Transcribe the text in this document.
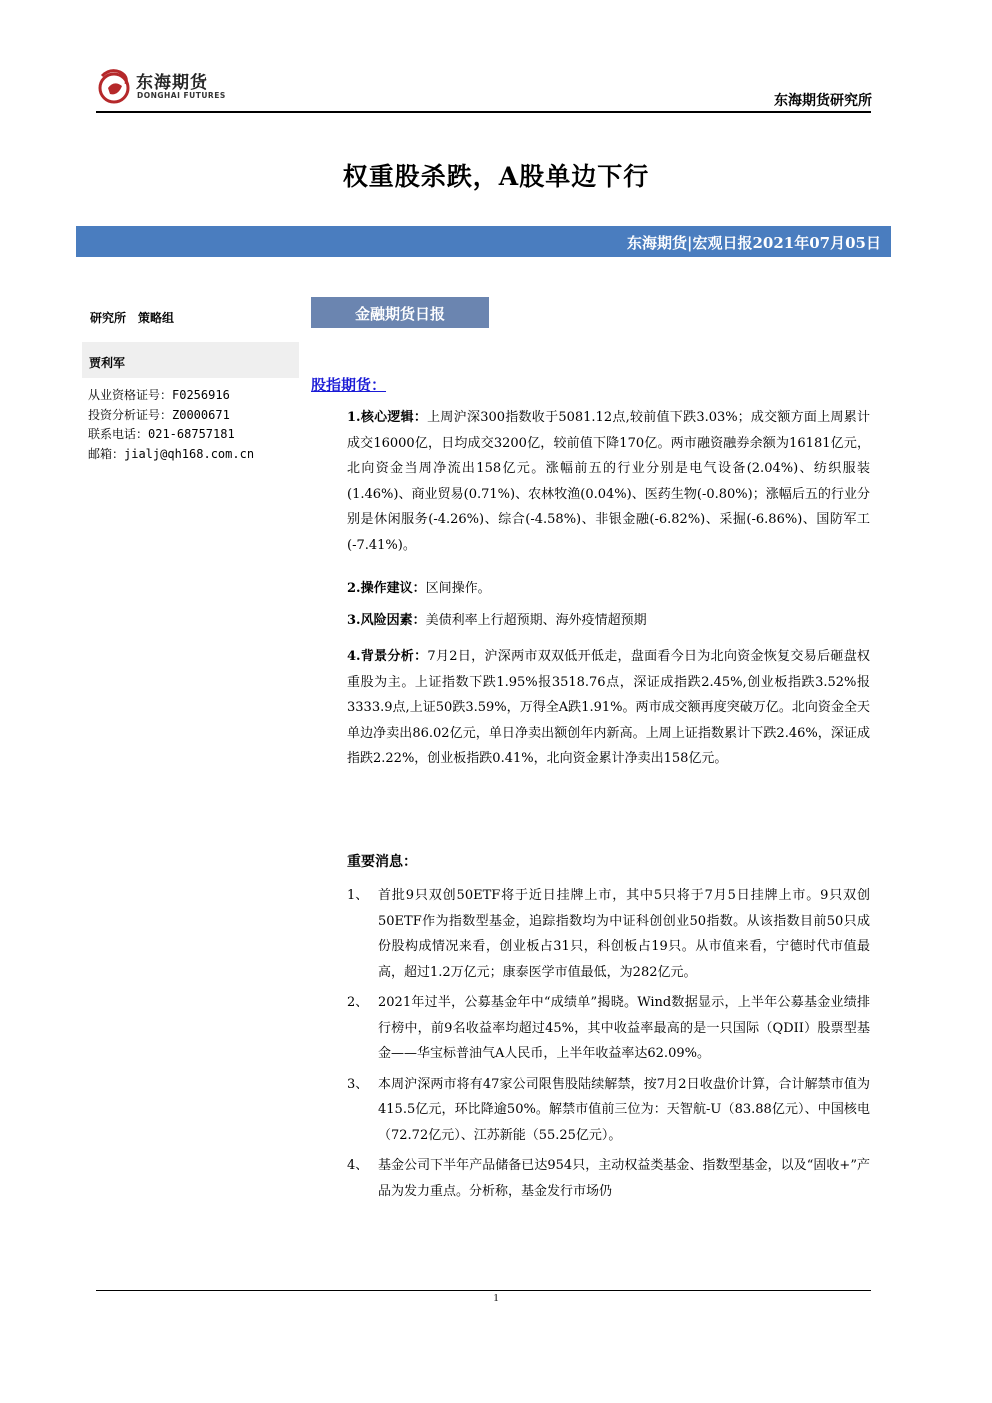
东海期货
DONGHAI FUTURES	东海期货研究所
权重股杀跌，A股单边下行
东海期货|宏观日报2021年07月05日
研究所　策略组
贾利军
从业资格证号：F0256916
投资分析证号：Z0000671
联系电话：021-68757181
邮箱：jialj@qh168.com.cn
金融期货日报
股指期货：
1.核心逻辑：上周沪深300指数收于5081.12点,较前值下跌3.03%；成交额方面上周累计成交16000亿，日均成交3200亿，较前值下降170亿。两市融资融券余额为16181亿元，北向资金当周净流出158亿元。涨幅前五的行业分别是电气设备(2.04%)、纺织服装(1.46%)、商业贸易(0.71%)、农林牧渔(0.04%)、医药生物(-0.80%)；涨幅后五的行业分别是休闲服务(-4.26%)、综合(-4.58%)、非银金融(-6.82%)、采掘(-6.86%)、国防军工(-7.41%)。
2.操作建议：区间操作。
3.风险因素：美债利率上行超预期、海外疫情超预期
4.背景分析：7月2日，沪深两市双双低开低走，盘面看今日为北向资金恢复交易后砸盘权重股为主。上证指数下跌1.95%报3518.76点，深证成指跌2.45%,创业板指跌3.52%报3333.9点,上证50跌3.59%，万得全A跌1.91%。两市成交额再度突破万亿。北向资金全天单边净卖出86.02亿元，单日净卖出额创年内新高。上周上证指数累计下跌2.46%，深证成指跌2.22%，创业板指跌0.41%，北向资金累计净卖出158亿元。
重要消息：
1、 首批9只双创50ETF将于近日挂牌上市，其中5只将于7月5日挂牌上市。9只双创50ETF作为指数型基金，追踪指数均为中证科创创业50指数。从该指数目前50只成份股构成情况来看，创业板占31只，科创板占19只。从市值来看，宁德时代市值最高，超过1.2万亿元；康泰医学市值最低，为282亿元。
2、 2021年过半，公募基金年中“成绩单”揭晓。Wind数据显示，上半年公募基金业绩排行榜中，前9名收益率均超过45%，其中收益率最高的是一只国际（QDII）股票型基金——华宝标普油气A人民币，上半年收益率达62.09%。
3、 本周沪深两市将有47家公司限售股陆续解禁，按7月2日收盘价计算，合计解禁市值为415.5亿元，环比降逾50%。解禁市值前三位为：天智航-U（83.88亿元）、中国核电（72.72亿元）、江苏新能（55.25亿元）。
4、 基金公司下半年产品储备已达954只，主动权益类基金、指数型基金，以及“固收+”产品为发力重点。分析称，基金发行市场仍
1
